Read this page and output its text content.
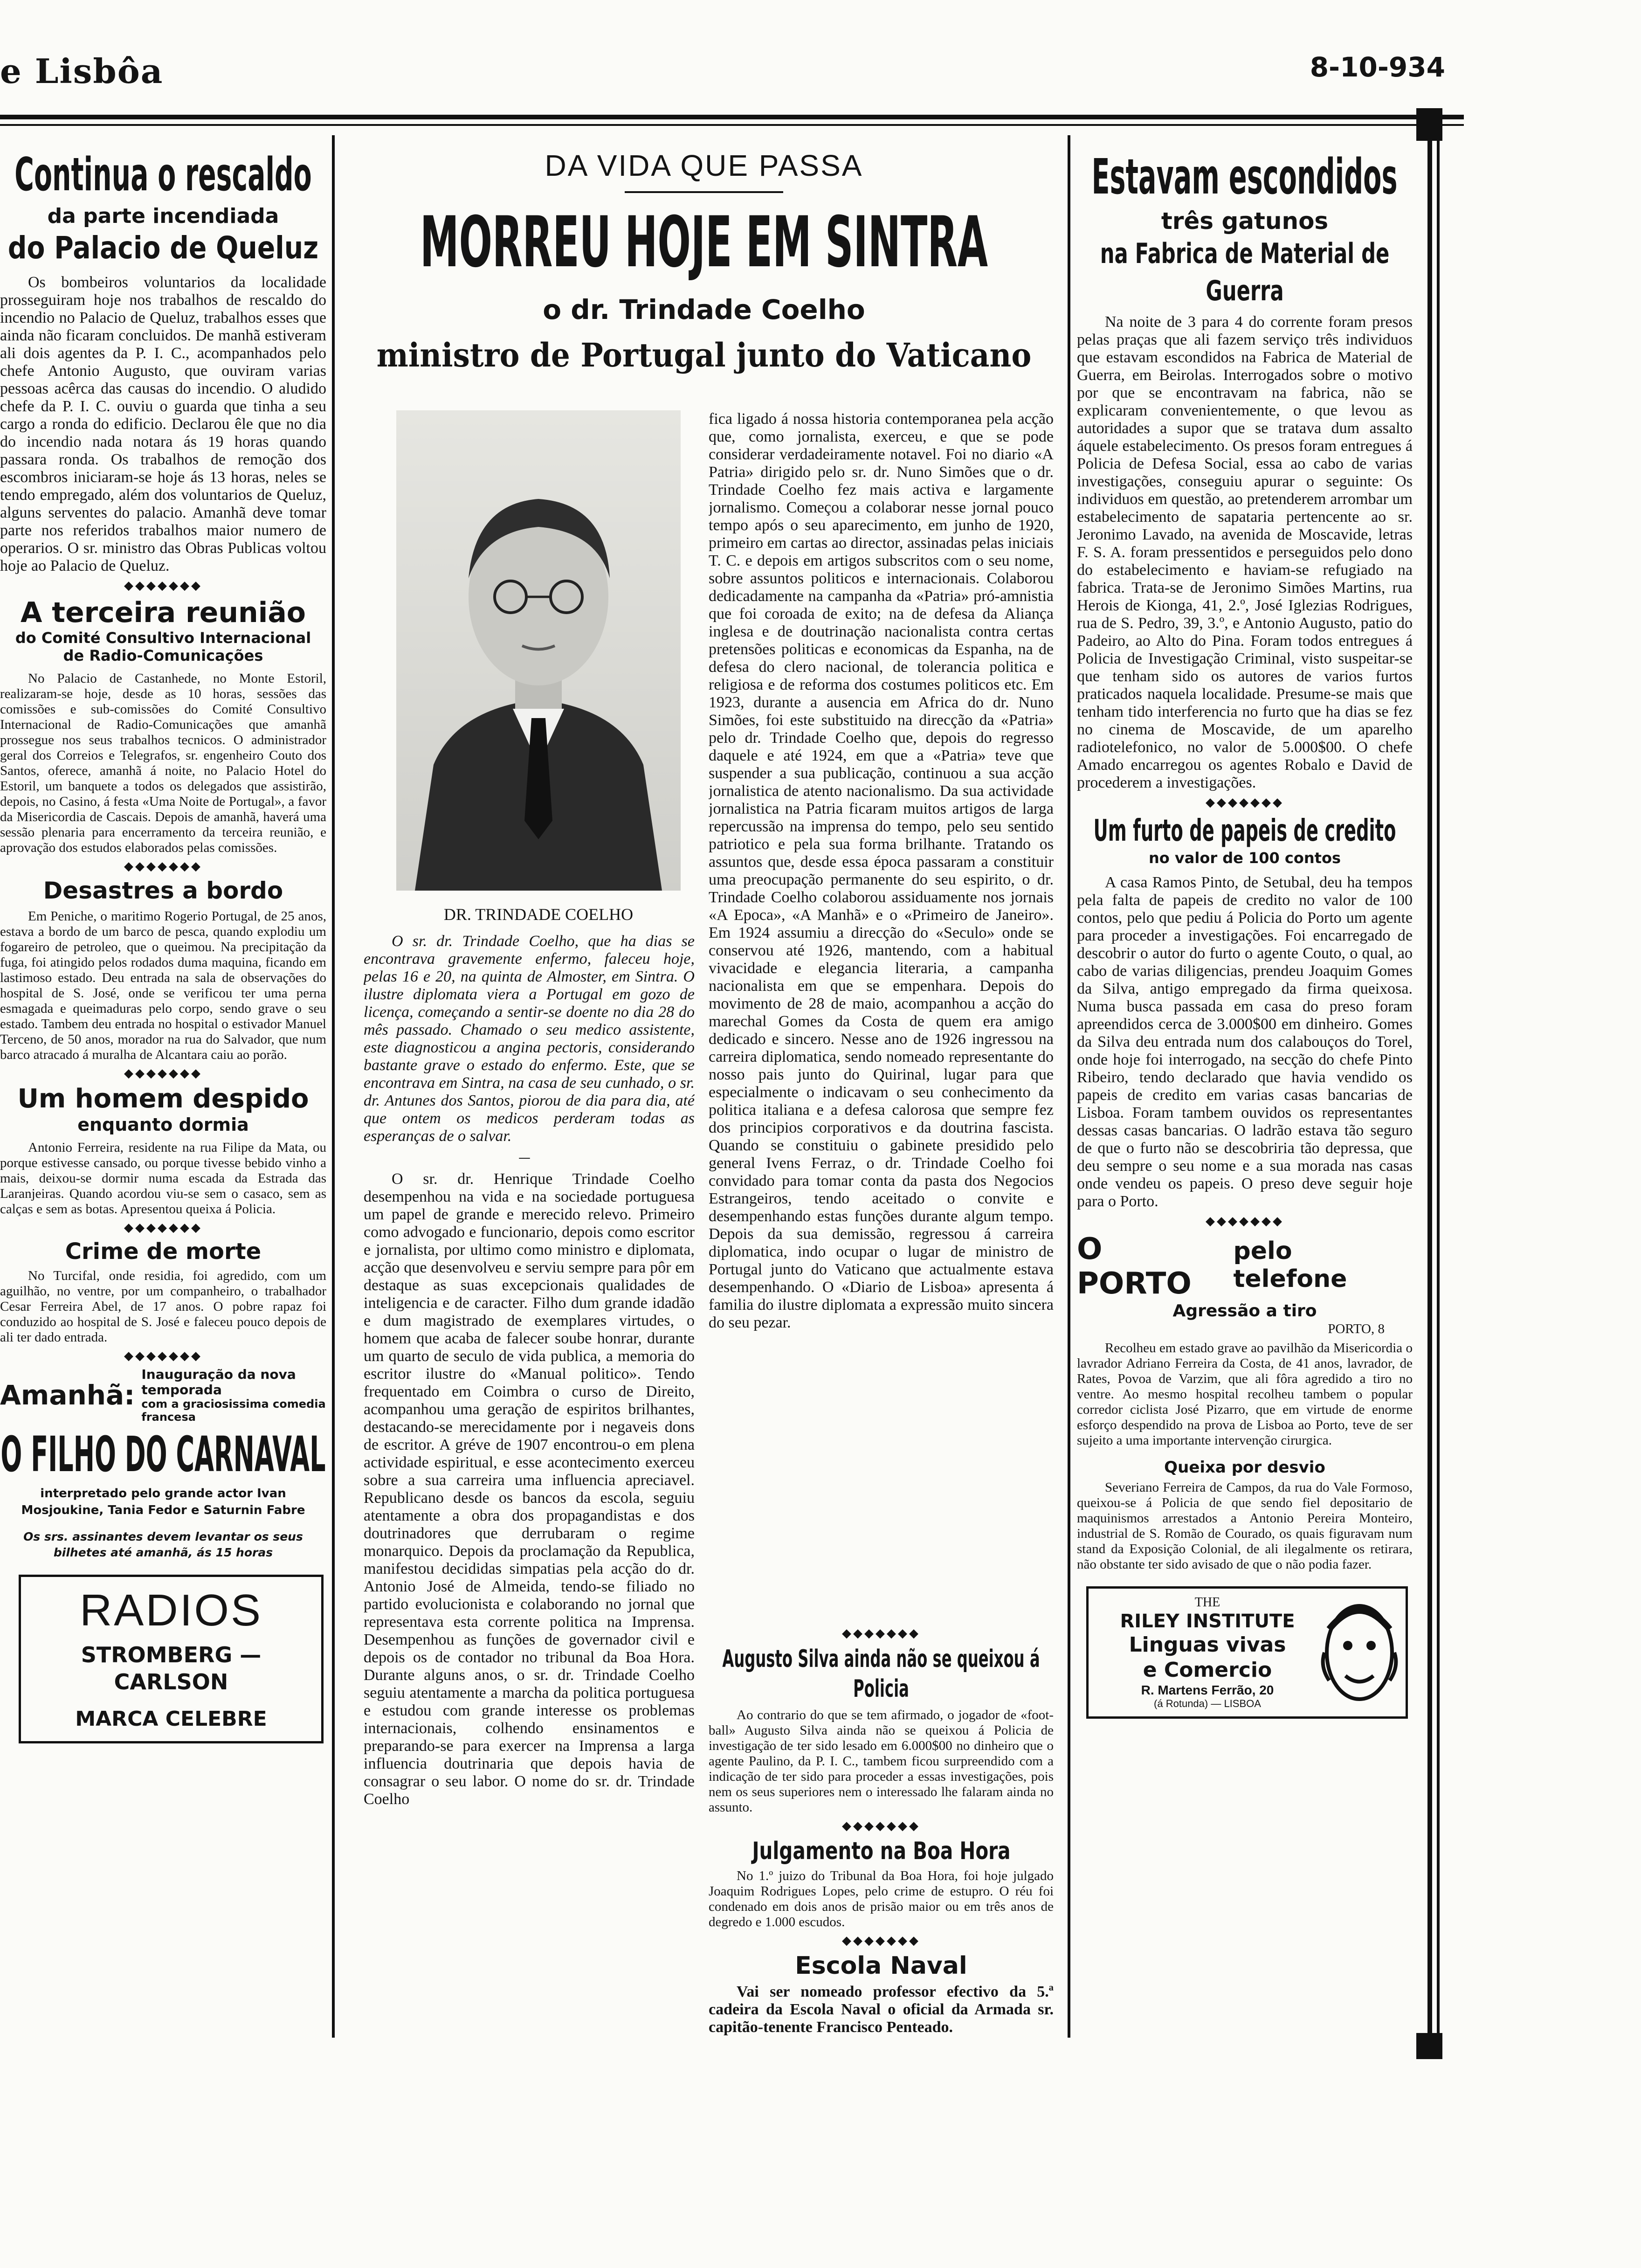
e Lisbôa	8-10-934
Continua o rescaldo
da parte incendiada
do Palacio de Queluz

Os bombeiros voluntarios da localidade prosseguiram hoje nos trabalhos de rescaldo do incendio no Palacio de Queluz, trabalhos esses que ainda não ficaram concluidos. De manhã estiveram ali dois agentes da P. I. C., acompanhados pelo chefe Antonio Augusto, que ouviram varias pessoas acêrca das causas do incendio. O aludido chefe da P. I. C. ouviu o guarda que tinha a seu cargo a ronda do edificio. Declarou êle que no dia do incendio nada notara ás 19 horas quando passara ronda. Os trabalhos de remoção dos escombros iniciaram-se hoje ás 13 horas, neles se tendo empregado, além dos voluntarios de Queluz, alguns serventes do palacio. Amanhã deve tomar parte nos referidos trabalhos maior numero de operarios. O sr. ministro das Obras Publicas voltou hoje ao Palacio de Queluz.

◆◆◆◆◆◆◆
A terceira reunião
do Comité Consultivo Internacional de Radio-Comunicações

No Palacio de Castanhede, no Monte Estoril, realizaram-se hoje, desde as 10 horas, sessões das comissões e sub-comissões do Comité Consultivo Internacional de Radio-Comunicações que amanhã prossegue nos seus trabalhos tecnicos. O administrador geral dos Correios e Telegrafos, sr. engenheiro Couto dos Santos, oferece, amanhã á noite, no Palacio Hotel do Estoril, um banquete a todos os delegados que assistirão, depois, no Casino, á festa «Uma Noite de Portugal», a favor da Misericordia de Cascais. Depois de amanhã, haverá uma sessão plenaria para encerramento da terceira reunião, e aprovação dos estudos elaborados pelas comissões.

◆◆◆◆◆◆◆
Desastres a bordo

Em Peniche, o maritimo Rogerio Portugal, de 25 anos, estava a bordo de um barco de pesca, quando explodiu um fogareiro de petroleo, que o queimou. Na precipitação da fuga, foi atingido pelos rodados duma maquina, ficando em lastimoso estado. Deu entrada na sala de observações do hospital de S. José, onde se verificou ter uma perna esmagada e queimaduras pelo corpo, sendo grave o seu estado. Tambem deu entrada no hospital o estivador Manuel Terceno, de 50 anos, morador na rua do Salvador, que num barco atracado á muralha de Alcantara caiu ao porão.

◆◆◆◆◆◆◆
Um homem despido
enquanto dormia

Antonio Ferreira, residente na rua Filipe da Mata, ou porque estivesse cansado, ou porque tivesse bebido vinho a mais, deixou-se dormir numa escada da Estrada das Laranjeiras. Quando acordou viu-se sem o casaco, sem as calças e sem as botas. Apresentou queixa á Policia.

◆◆◆◆◆◆◆
Crime de morte

No Turcifal, onde residia, foi agredido, com um aguilhão, no ventre, por um companheiro, o trabalhador Cesar Ferreira Abel, de 17 anos. O pobre rapaz foi conduzido ao hospital de S. José e faleceu pouco depois de ali ter dado entrada.

◆◆◆◆◆◆◆
Amanhã:
Inauguração da nova temporada
com a graciosissima comedia francesa
O FILHO DO CARNAVAL
interpretado pelo grande actor Ivan Mosjoukine, Tania Fedor e Saturnin Fabre
Os srs. assinantes devem levantar os seus bilhetes até amanhã, ás 15 horas
RADIOS
STROMBERG — CARLSON
MARCA CELEBRE
DA VIDA QUE PASSA
MORREU HOJE EM SINTRA
o dr. Trindade Coelho
ministro de Portugal junto do Vaticano
DR. TRINDADE COELHO

O sr. dr. Trindade Coelho, que ha dias se encontrava gravemente enfermo, faleceu hoje, pelas 16 e 20, na quinta de Almoster, em Sintra. O ilustre diplomata viera a Portugal em gozo de licença, começando a sentir-se doente no dia 28 do mês passado. Chamado o seu medico assistente, este diagnosticou a angina pectoris, considerando bastante grave o estado do enfermo. Este, que se encontrava em Sintra, na casa de seu cunhado, o sr. dr. Antunes dos Santos, piorou de dia para dia, até que ontem os medicos perderam todas as esperanças de o salvar.

—

O sr. dr. Henrique Trindade Coelho desempenhou na vida e na sociedade portuguesa um papel de grande e merecido relevo. Primeiro como advogado e funcionario, depois como escritor e jornalista, por ultimo como ministro e diplomata, acção que desenvolveu e serviu sempre para pôr em destaque as suas excepcionais qualidades de inteligencia e de caracter. Filho dum grande idadão e dum magistrado de exemplares virtudes, o homem que acaba de falecer soube honrar, durante um quarto de seculo de vida publica, a memoria do escritor ilustre do «Manual politico». Tendo frequentado em Coimbra o curso de Direito, acompanhou uma geração de espiritos brilhantes, destacando-se merecidamente por i negaveis dons de escritor. A gréve de 1907 encontrou-o em plena actividade espiritual, e esse acontecimento exerceu sobre a sua carreira uma influencia apreciavel. Republicano desde os bancos da escola, seguiu atentamente a obra dos propagandistas e dos doutrinadores que derrubaram o regime monarquico. Depois da proclamação da Republica, manifestou decididas simpatias pela acção do dr. Antonio José de Almeida, tendo-se filiado no partido evolucionista e colaborando no jornal que representava esta corrente politica na Imprensa. Desempenhou as funções de governador civil e depois os de contador no tribunal da Boa Hora. Durante alguns anos, o sr. dr. Trindade Coelho seguiu atentamente a marcha da politica portuguesa e estudou com grande interesse os problemas internacionais, colhendo ensinamentos e preparando-se para exercer na Imprensa a larga influencia doutrinaria que depois havia de consagrar o seu labor. O nome do sr. dr. Trindade Coelho

fica ligado á nossa historia contemporanea pela acção que, como jornalista, exerceu, e que se pode considerar verdadeiramente notavel. Foi no diario «A Patria» dirigido pelo sr. dr. Nuno Simões que o dr. Trindade Coelho fez mais activa e largamente jornalismo. Começou a colaborar nesse jornal pouco tempo após o seu aparecimento, em junho de 1920, primeiro em cartas ao director, assinadas pelas iniciais T. C. e depois em artigos subscritos com o seu nome, sobre assuntos politicos e internacionais. Colaborou dedicadamente na campanha da «Patria» pró-amnistia que foi coroada de exito; na de defesa da Aliança inglesa e de doutrinação nacionalista contra certas pretensões politicas e economicas da Espanha, na de defesa do clero nacional, de tolerancia politica e religiosa e de reforma dos costumes politicos etc. Em 1923, durante a ausencia em Africa do dr. Nuno Simões, foi este substituido na direcção da «Patria» pelo dr. Trindade Coelho que, depois do regresso daquele e até 1924, em que a «Patria» teve que suspender a sua publicação, continuou a sua acção jornalistica de atento nacionalismo. Da sua actividade jornalistica na Patria ficaram muitos artigos de larga repercussão na imprensa do tempo, pelo seu sentido patriotico e pela sua forma brilhante. Tratando os assuntos que, desde essa época passaram a constituir uma preocupação permanente do seu espirito, o dr. Trindade Coelho colaborou assiduamente nos jornais «A Epoca», «A Manhã» e o «Primeiro de Janeiro». Em 1924 assumiu a direcção do «Seculo» onde se conservou até 1926, mantendo, com a habitual vivacidade e elegancia literaria, a campanha nacionalista em que se empenhara. Depois do movimento de 28 de maio, acompanhou a acção do marechal Gomes da Costa de quem era amigo dedicado e sincero. Nesse ano de 1926 ingressou na carreira diplomatica, sendo nomeado representante do nosso pais junto do Quirinal, lugar para que especialmente o indicavam o seu conhecimento da politica italiana e a defesa calorosa que sempre fez dos principios corporativos e da doutrina fascista. Quando se constituiu o gabinete presidido pelo general Ivens Ferraz, o dr. Trindade Coelho foi convidado para tomar conta da pasta dos Negocios Estrangeiros, tendo aceitado o convite e desempenhando estas funções durante algum tempo. Depois da sua demissão, regressou á carreira diplomatica, indo ocupar o lugar de ministro de Portugal junto do Vaticano que actualmente estava desempenhando. O «Diario de Lisboa» apresenta á familia do ilustre diplomata a expressão muito sincera do seu pezar.

◆◆◆◆◆◆◆
Augusto Silva ainda não se queixou á Policia

Ao contrario do que se tem afirmado, o jogador de «foot-ball» Augusto Silva ainda não se queixou á Policia de investigação de ter sido lesado em 6.000$00 no dinheiro que o agente Paulino, da P. I. C., tambem ficou surpreendido com a indicação de ter sido para proceder a essas investigações, pois nem os seus superiores nem o interessado lhe falaram ainda no assunto.

◆◆◆◆◆◆◆
Julgamento na Boa Hora

No 1.º juizo do Tribunal da Boa Hora, foi hoje julgado Joaquim Rodrigues Lopes, pelo crime de estupro. O réu foi condenado em dois anos de prisão maior ou em três anos de degredo e 1.000 escudos.

◆◆◆◆◆◆◆
Escola Naval

Vai ser nomeado professor efectivo da 5.ª cadeira da Escola Naval o oficial da Armada sr. capitão-tenente Francisco Penteado.

Estavam escondidos
três gatunos
na Fabrica de Material de Guerra

Na noite de 3 para 4 do corrente foram presos pelas praças que ali fazem serviço três individuos que estavam escondidos na Fabrica de Material de Guerra, em Beirolas. Interrogados sobre o motivo por que se encontravam na fabrica, não se explicaram convenientemente, o que levou as autoridades a supor que se tratava dum assalto áquele estabelecimento. Os presos foram entregues á Policia de Defesa Social, essa ao cabo de varias investigações, conseguiu apurar o seguinte: Os individuos em questão, ao pretenderem arrombar um estabelecimento de sapataria pertencente ao sr. Jeronimo Lavado, na avenida de Moscavide, letras F. S. A. foram pressentidos e perseguidos pelo dono do estabelecimento e haviam-se refugiado na fabrica. Trata-se de Jeronimo Simões Martins, rua Herois de Kionga, 41, 2.º, José Iglezias Rodrigues, rua de S. Pedro, 39, 3.º, e Antonio Augusto, patio do Padeiro, ao Alto do Pina. Foram todos entregues á Policia de Investigação Criminal, visto suspeitar-se que tenham sido os autores de varios furtos praticados naquela localidade. Presume-se mais que tenham tido interferencia no furto que ha dias se fez no cinema de Moscavide, de um aparelho radiotelefonico, no valor de 5.000$00. O chefe Amado encarregou os agentes Robalo e David de procederem a investigações.

◆◆◆◆◆◆◆
Um furto de papeis de credito
no valor de 100 contos

A casa Ramos Pinto, de Setubal, deu ha tempos pela falta de papeis de credito no valor de 100 contos, pelo que pediu á Policia do Porto um agente para proceder a investigações. Foi encarregado de descobrir o autor do furto o agente Couto, o qual, ao cabo de varias diligencias, prendeu Joaquim Gomes da Silva, antigo empregado da firma queixosa. Numa busca passada em casa do preso foram apreendidos cerca de 3.000$00 em dinheiro. Gomes da Silva deu entrada num dos calabouços do Torel, onde hoje foi interrogado, na secção do chefe Pinto Ribeiro, tendo declarado que havia vendido os papeis de credito em varias casas bancarias de Lisboa. Foram tambem ouvidos os representantes dessas casas bancarias. O ladrão estava tão seguro de que o furto não se descobriria tão depressa, que deu sempre o seu nome e a sua morada nas casas onde vendeu os papeis. O preso deve seguir hoje para o Porto.

◆◆◆◆◆◆◆
O PORTO
pelo telefone
Agressão a tiro
PORTO, 8

Recolheu em estado grave ao pavilhão da Misericordia o lavrador Adriano Ferreira da Costa, de 41 anos, lavrador, de Rates, Povoa de Varzim, que ali fôra agredido a tiro no ventre. Ao mesmo hospital recolheu tambem o popular corredor ciclista José Pizarro, que em virtude de enorme esforço despendido na prova de Lisboa ao Porto, teve de ser sujeito a uma importante intervenção cirurgica.

Queixa por desvio

Severiano Ferreira de Campos, da rua do Vale Formoso, queixou-se á Policia de que sendo fiel depositario de maquinismos arrestados a Antonio Pereira Monteiro, industrial de S. Romão de Courado, os quais figuravam num stand da Exposição Colonial, de ali ilegalmente os retirara, não obstante ter sido avisado de que o não podia fazer.

THE
RILEY INSTITUTE
Linguas vivas
e Comercio
R. Martens Ferrão, 20
(á Rotunda) — LISBOA
